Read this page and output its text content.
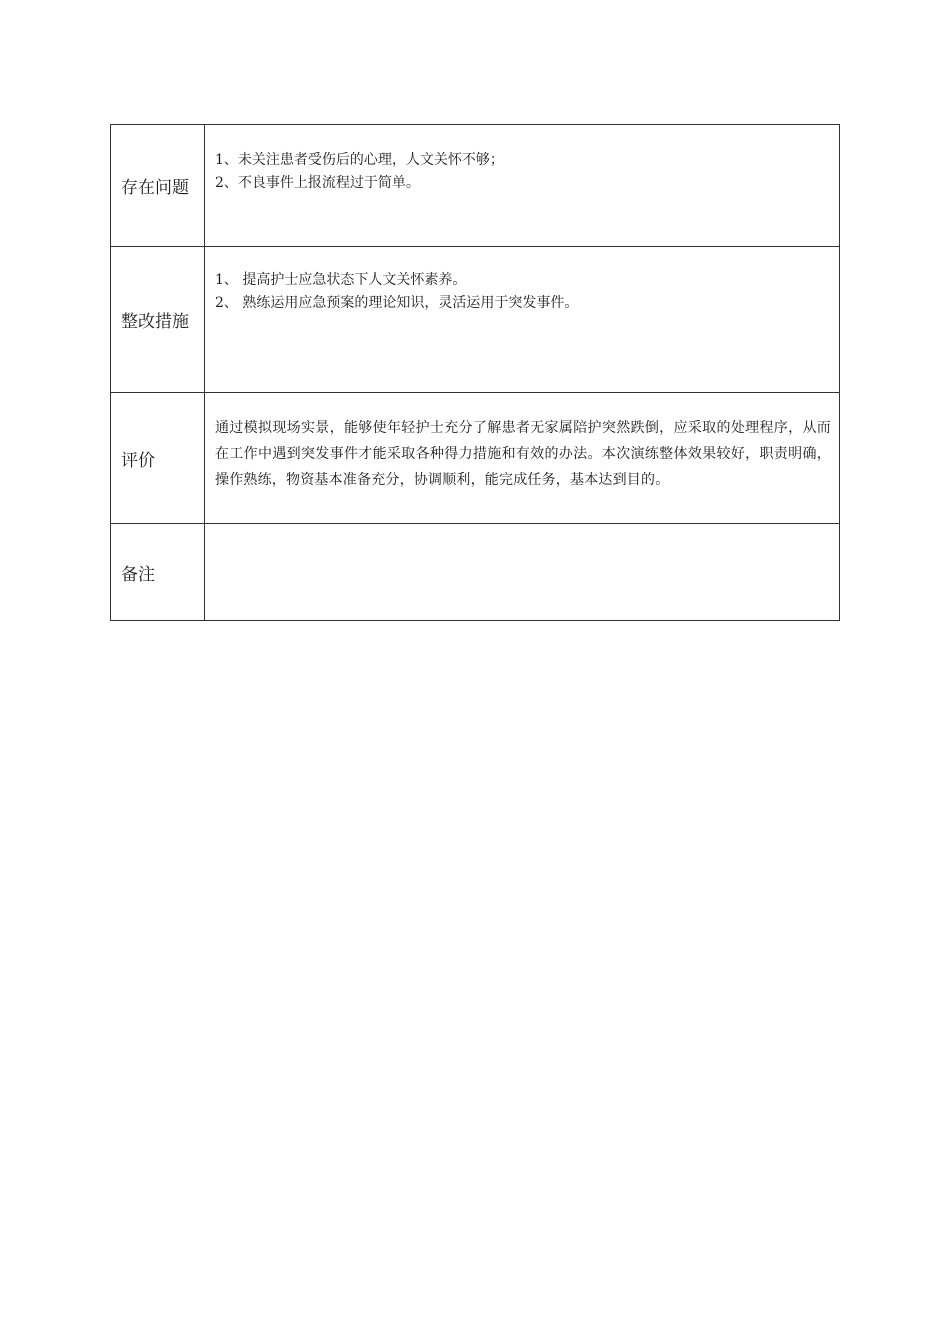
存在问题	1、未关注患者受伤后的心理，人文关怀不够；
2、不良事件上报流程过于简单。

整改措施	1、 提高护士应急状态下人文关怀素养。
2、 熟练运用应急预案的理论知识，灵活运用于突发事件。

评价	通过模拟现场实景，能够使年轻护士充分了解患者无家属陪护突然跌倒，应采取的处理程序，从而在工作中遇到突发事件才能采取各种得力措施和有效的办法。本次演练整体效果较好，职责明确，操作熟练，物资基本准备充分，协调顺利，能完成任务，基本达到目的。

备注	
